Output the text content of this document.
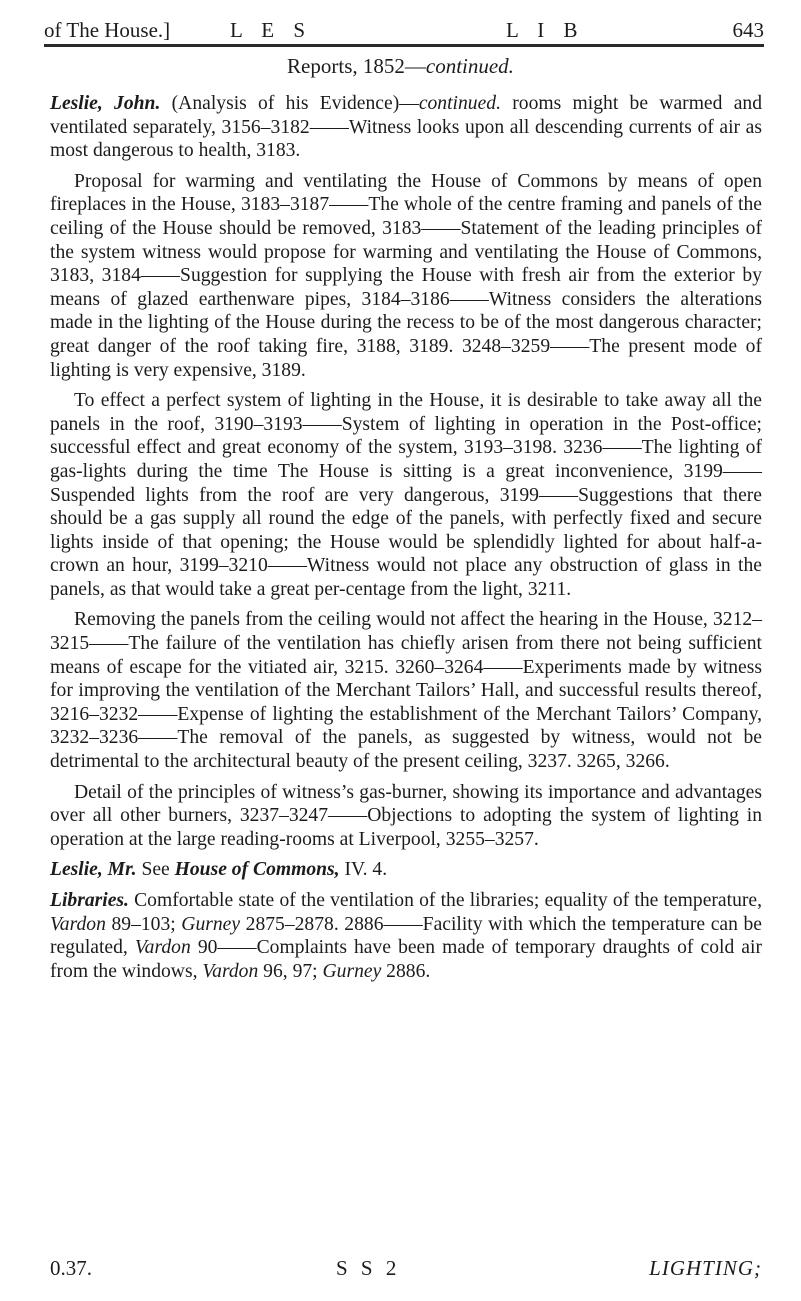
of The House.]	L E S	L I B	643
Reports, 1852—continued.

Leslie, John. (Analysis of his Evidence)—continued. rooms might be warmed and ventilated separately, 3156–3182——Witness looks upon all descending currents of air as most dangerous to health, 3183.

Proposal for warming and ventilating the House of Commons by means of open fireplaces in the House, 3183–3187——The whole of the centre framing and panels of the ceiling of the House should be removed, 3183——Statement of the leading principles of the system witness would propose for warming and ventilating the House of Commons, 3183, 3184——Suggestion for supplying the House with fresh air from the exterior by means of glazed earthenware pipes, 3184–3186——Witness considers the alterations made in the lighting of the House during the recess to be of the most dangerous character; great danger of the roof taking fire, 3188, 3189. 3248–3259——The present mode of lighting is very expensive, 3189.

To effect a perfect system of lighting in the House, it is desirable to take away all the panels in the roof, 3190–3193——System of lighting in operation in the Post-office; successful effect and great economy of the system, 3193–3198. 3236——The lighting of gas-lights during the time The House is sitting is a great inconvenience, 3199——Suspended lights from the roof are very dangerous, 3199——Suggestions that there should be a gas supply all round the edge of the panels, with perfectly fixed and secure lights inside of that opening; the House would be splendidly lighted for about half-a-crown an hour, 3199–3210——Witness would not place any obstruction of glass in the panels, as that would take a great per-centage from the light, 3211.

Removing the panels from the ceiling would not affect the hearing in the House, 3212–3215——The failure of the ventilation has chiefly arisen from there not being sufficient means of escape for the vitiated air, 3215. 3260–3264——Experiments made by witness for improving the ventilation of the Merchant Tailors’ Hall, and successful results thereof, 3216–3232——Expense of lighting the establishment of the Merchant Tailors’ Company, 3232–3236——The removal of the panels, as suggested by witness, would not be detrimental to the architectural beauty of the present ceiling, 3237. 3265, 3266.

Detail of the principles of witness’s gas-burner, showing its importance and advantages over all other burners, 3237–3247——Objections to adopting the system of lighting in operation at the large reading-rooms at Liverpool, 3255–3257.

Leslie, Mr. See House of Commons, IV. 4.

Libraries. Comfortable state of the ventilation of the libraries; equality of the temperature, Vardon 89–103; Gurney 2875–2878. 2886——Facility with which the temperature can be regulated, Vardon 90——Complaints have been made of temporary draughts of cold air from the windows, Vardon 96, 97; Gurney 2886.

0.37.	S S 2	LIGHTING;
